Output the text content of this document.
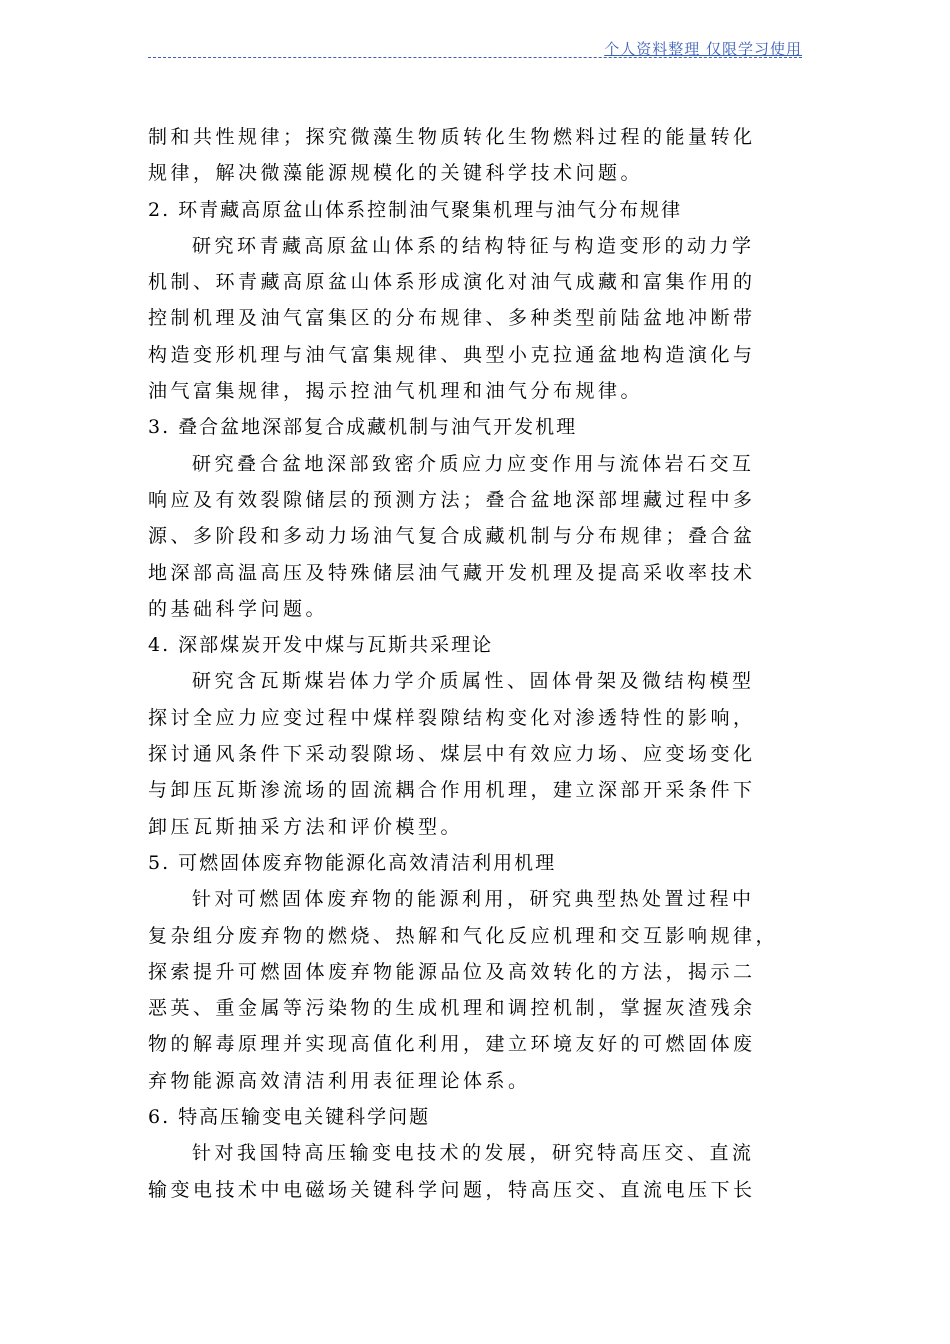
个人资料整理 仅限学习使用
制和共性规律；探究微藻生物质转化生物燃料过程的能量转化
规律，解决微藻能源规模化的关键科学技术问题。
2. 环青藏高原盆山体系控制油气聚集机理与油气分布规律
研究环青藏高原盆山体系的结构特征与构造变形的动力学
机制、环青藏高原盆山体系形成演化对油气成藏和富集作用的
控制机理及油气富集区的分布规律、多种类型前陆盆地冲断带
构造变形机理与油气富集规律、典型小克拉通盆地构造演化与
油气富集规律，揭示控油气机理和油气分布规律。
3. 叠合盆地深部复合成藏机制与油气开发机理
研究叠合盆地深部致密介质应力应变作用与流体岩石交互
响应及有效裂隙储层的预测方法；叠合盆地深部埋藏过程中多
源、多阶段和多动力场油气复合成藏机制与分布规律；叠合盆
地深部高温高压及特殊储层油气藏开发机理及提高采收率技术
的基础科学问题。
4. 深部煤炭开发中煤与瓦斯共采理论
研究含瓦斯煤岩体力学介质属性、固体骨架及微结构模型
探讨全应力应变过程中煤样裂隙结构变化对渗透特性的影响，
探讨通风条件下采动裂隙场、煤层中有效应力场、应变场变化
与卸压瓦斯渗流场的固流耦合作用机理，建立深部开采条件下
卸压瓦斯抽采方法和评价模型。
5. 可燃固体废弃物能源化高效清洁利用机理
针对可燃固体废弃物的能源利用，研究典型热处置过程中
复杂组分废弃物的燃烧、热解和气化反应机理和交互影响规律，
探索提升可燃固体废弃物能源品位及高效转化的方法，揭示二
恶英、重金属等污染物的生成机理和调控机制，掌握灰渣残余
物的解毒原理并实现高值化利用，建立环境友好的可燃固体废
弃物能源高效清洁利用表征理论体系。
6. 特高压输变电关键科学问题
针对我国特高压输变电技术的发展，研究特高压交、直流
输变电技术中电磁场关键科学问题，特高压交、直流电压下长
